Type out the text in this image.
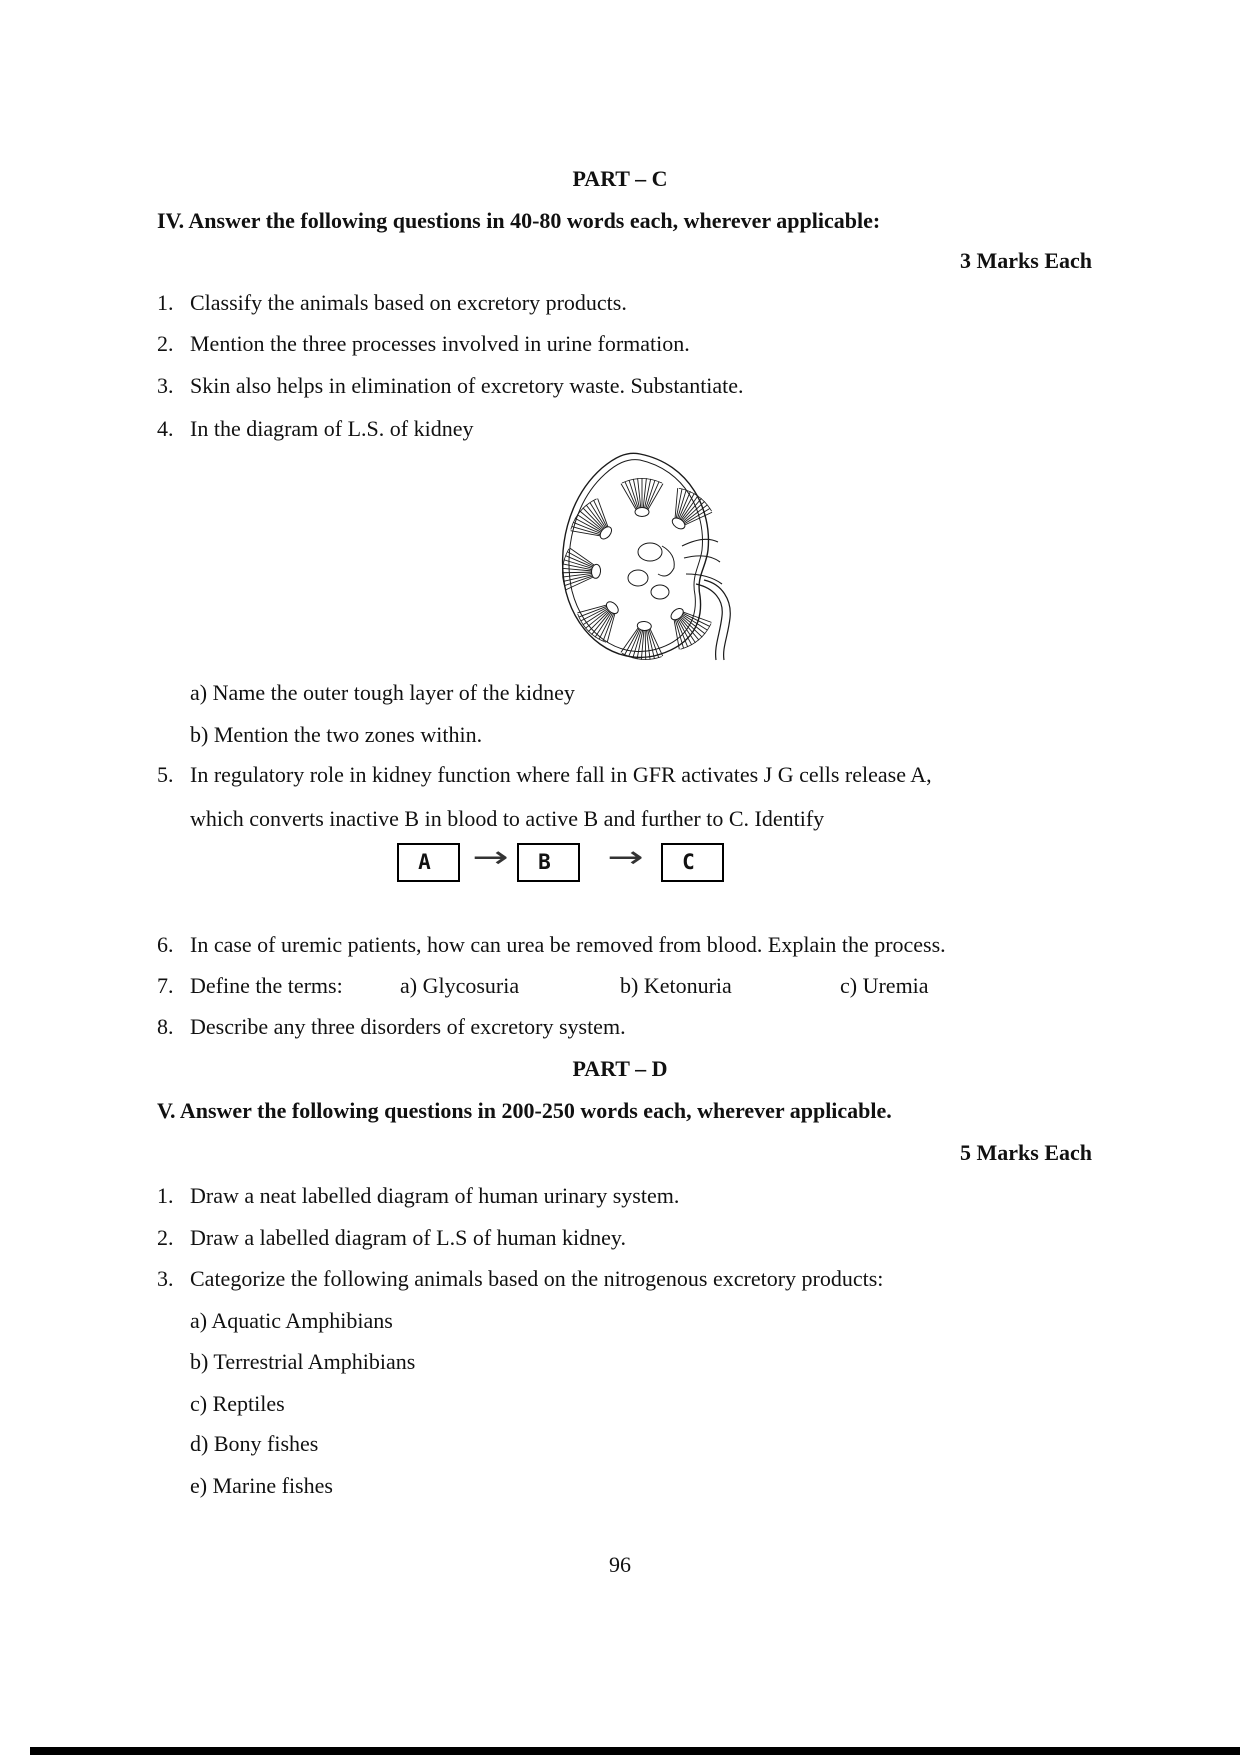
PART – C
IV. Answer the following questions in 40-80 words each, wherever applicable:
3 Marks Each
1. Classify the animals based on excretory products.
2. Mention the three processes involved in urine formation.
3. Skin also helps in elimination of excretory waste. Substantiate.
4. In the diagram of L.S. of kidney
a) Name the outer tough layer of the kidney
b) Mention the two zones within.
5. In regulatory role in kidney function where fall in GFR activates J G cells release A,
which converts inactive B in blood to active B and further to C. Identify
A	→	B	→	C
6. In case of uremic patients, how can urea be removed from blood. Explain the process.
7. Define the terms:	a) Glycosuria	b) Ketonuria	c) Uremia
8. Describe any three disorders of excretory system.
PART – D
V. Answer the following questions in 200-250 words each, wherever applicable.
5 Marks Each
1. Draw a neat labelled diagram of human urinary system.
2. Draw a labelled diagram of L.S of human kidney.
3. Categorize the following animals based on the nitrogenous excretory products:
a) Aquatic Amphibians
b) Terrestrial Amphibians
c) Reptiles
d) Bony fishes
e) Marine fishes
96
